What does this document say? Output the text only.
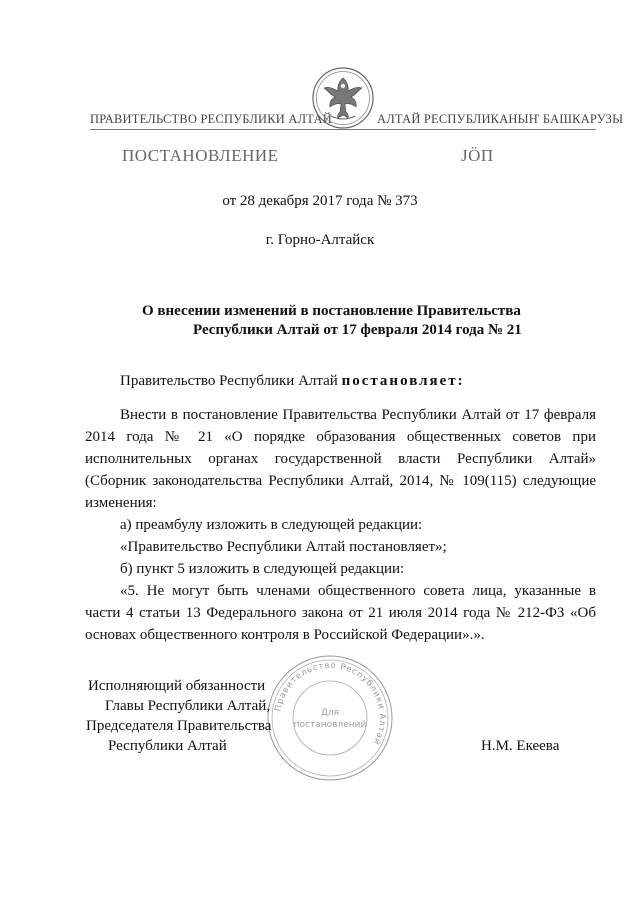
ПРАВИТЕЛЬСТВО РЕСПУБЛИКИ АЛТАЙ	АЛТАЙ РЕСПУБЛИКАНЫҤ БАШКАРУЗЫ
ПОСТАНОВЛЕНИЕ	ЈӦП
от 28 декабря 2017 года № 373
г. Горно-Алтайск
О внесении изменений в постановление Правительства
Республики Алтай от 17 февраля 2014 года № 21
Правительство Республики Алтай постановляет:
Внести в постановление Правительства Республики Алтай от 17 февраля
2014 года № 21 «О порядке образования общественных советов при
исполнительных органах государственной власти Республики Алтай»
(Сборник законодательства Республики Алтай, 2014, № 109(115) следующие
изменения:
а) преамбулу изложить в следующей редакции:
«Правительство Республики Алтай постановляет»;
б) пункт 5 изложить в следующей редакции:
«5. Не могут быть членами общественного совета лица, указанные в
части 4 статьи 13 Федерального закона от 21 июля 2014 года № 212-ФЗ «Об
основах общественного контроля в Российской Федерации».».
Правительство Республики Алтай
Для
постановлений
Исполняющий обязанности
Главы Республики Алтай,
Председателя Правительства
Республики Алтай	Н.М. Екеева
